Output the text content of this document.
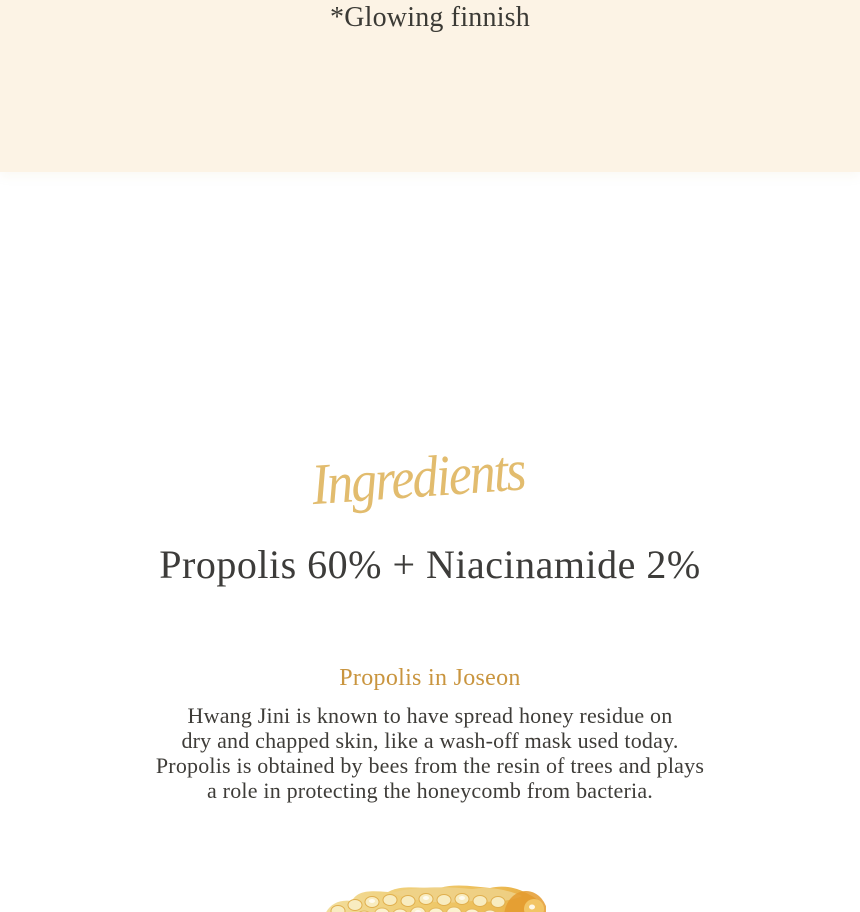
*Glowing finnish
Ingredients
Propolis 60% + Niacinamide 2%
Propolis in Joseon
Hwang Jini is known to have spread honey residue on
dry and chapped skin, like a wash-off mask used today.
Propolis is obtained by bees from the resin of trees and plays
a role in protecting the honeycomb from bacteria.
